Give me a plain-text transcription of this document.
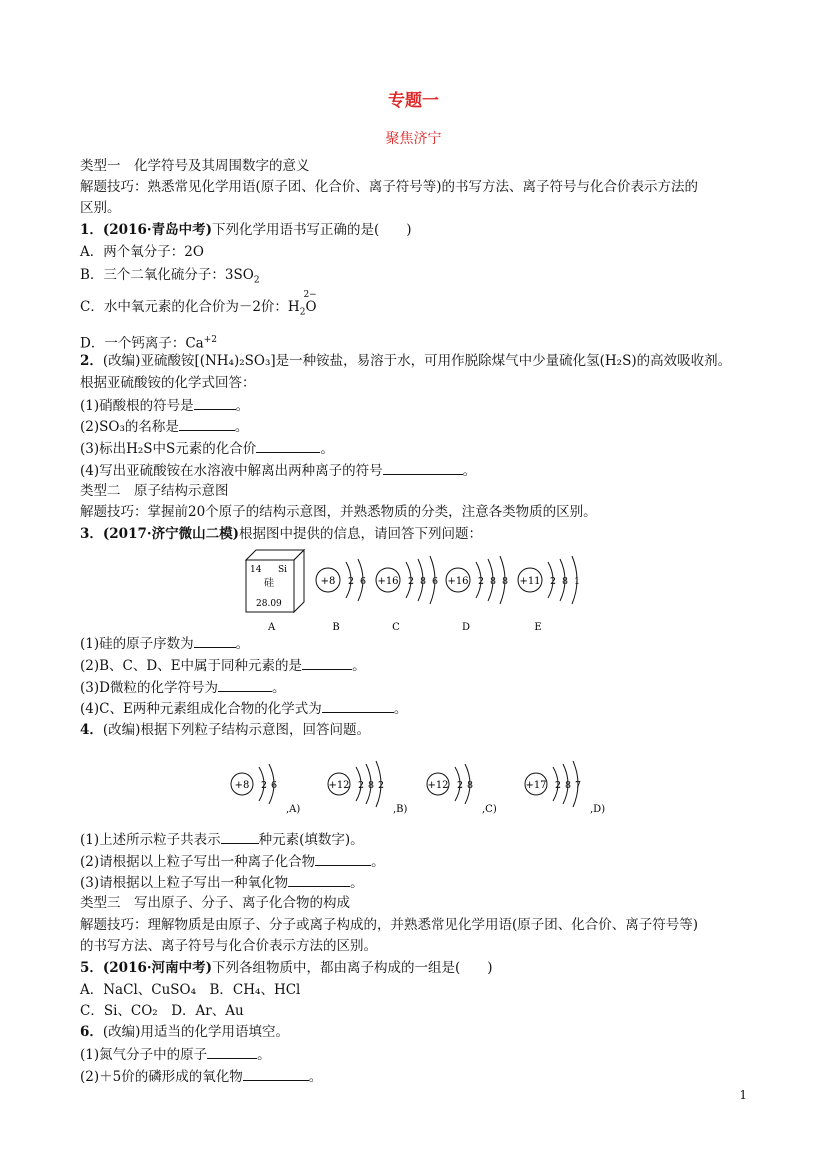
专题一
聚焦济宁
类型一　化学符号及其周围数字的意义
解题技巧：熟悉常见化学用语(原子团、化合价、离子符号等)的书写方法、离子符号与化合价表示方法的
区别。
1．(2016·青岛中考)下列化学用语书写正确的是(　　)
A．两个氧分子：2O
B．三个二氧化硫分子：$3SO_2$
C．水中氧元素的化合价为－2价：$H_2$
2−
O
D．一个钙离子：$Ca^{+2}$
2．(改编)亚硫酸铵[(NH₄)₂SO₃]是一种铵盐，易溶于水，可用作脱除煤气中少量硫化氢(H₂S)的高效吸收剂。
根据亚硫酸铵的化学式回答：
(1)硝酸根的符号是	。
(2)SO₃的名称是	。
(3)标出H₂S中S元素的化合价	。
(4)写出亚硫酸铵在水溶液中解离出两种离子的符号	。
类型二　原子结构示意图
解题技巧：掌握前20个原子的结构示意图，并熟悉物质的分类，注意各类物质的区别。
3．(2017·济宁微山二模)根据图中提供的信息，请回答下列问题：
14 Si
硅
28.09
A
+8 2 6
B
+16 2 8 6
C
+16 2 8 8
D
+11 2 8 1
E
(1)硅的原子序数为	。
(2)B、C、D、E中属于同种元素的是	。
(3)D微粒的化学符号为	。
(4)C、E两种元素组成化合物的化学式为	。
4．(改编)根据下列粒子结构示意图，回答问题。
+8 2 6
,A)
+12 2 8 2
,B)
+12 2 8
,C)
+17 2 8 7
,D)
(1)上述所示粒子共表示	种元素(填数字)。
(2)请根据以上粒子写出一种离子化合物	。
(3)请根据以上粒子写出一种氧化物	。
类型三　写出原子、分子、离子化合物的构成
解题技巧：理解物质是由原子、分子或离子构成的，并熟悉常见化学用语(原子团、化合价、离子符号等)
的书写方法、离子符号与化合价表示方法的区别。
5．(2016·河南中考)下列各组物质中，都由离子构成的一组是(　　)
A．NaCl、CuSO₄　B．CH₄、HCl
C．Si、CO₂　D．Ar、Au
6．(改编)用适当的化学用语填空。
(1)氮气分子中的原子	。
(2)＋5价的磷形成的氧化物	。
1
